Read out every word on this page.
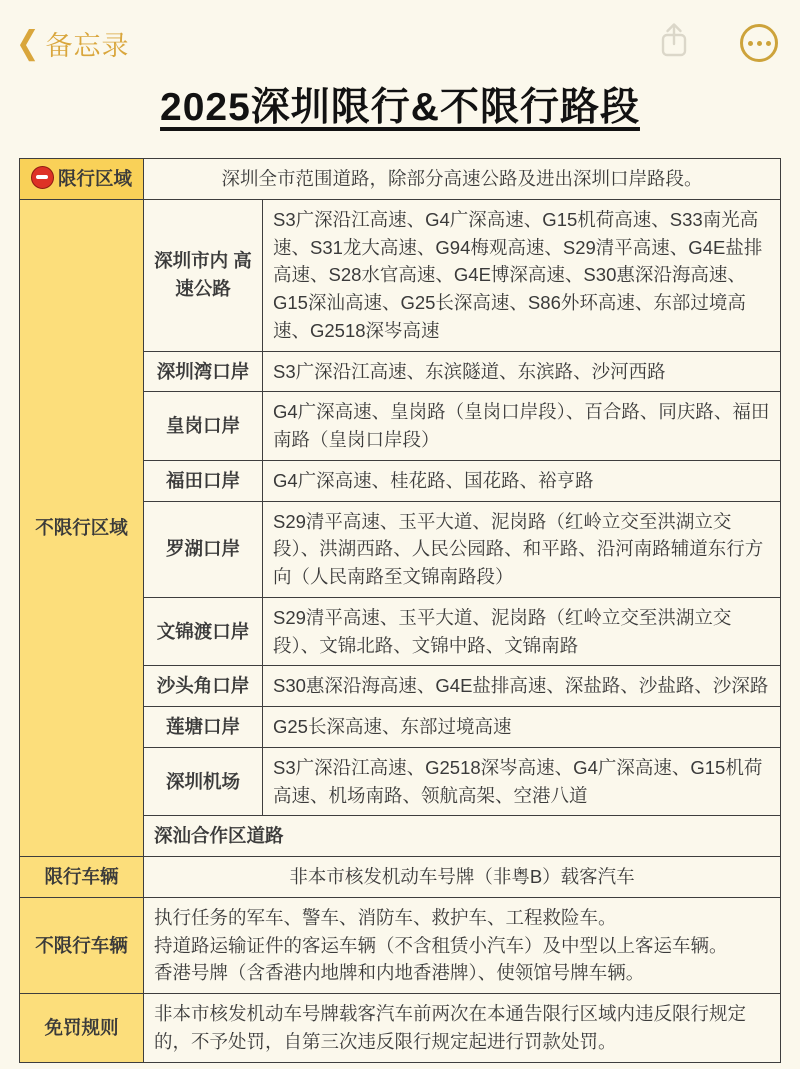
❮ 备忘录
2025深圳限行&不限行路段
限行区域	深圳全市范围道路，除部分高速公路及进出深圳口岸路段。	
不限行区域	深圳市内 高速公路	S3广深沿江高速、G4广深高速、G15机荷高速、S33南光高速、S31龙大高速、G94梅观高速、S29清平高速、G4E盐排高速、S28水官高速、G4E博深高速、S30惠深沿海高速、G15深汕高速、G25长深高速、S86外环高速、东部过境高速、G2518深岑高速
	深圳湾口岸	S3广深沿江高速、东滨隧道、东滨路、沙河西路
	皇岗口岸	G4广深高速、皇岗路（皇岗口岸段）、百合路、同庆路、福田南路（皇岗口岸段）
	福田口岸	G4广深高速、桂花路、国花路、裕亨路
	罗湖口岸	S29清平高速、玉平大道、泥岗路（红岭立交至洪湖立交段）、洪湖西路、人民公园路、和平路、沿河南路辅道东行方向（人民南路至文锦南路段）
	文锦渡口岸	S29清平高速、玉平大道、泥岗路（红岭立交至洪湖立交段）、文锦北路、文锦中路、文锦南路
	沙头角口岸	S30惠深沿海高速、G4E盐排高速、深盐路、沙盐路、沙深路
	莲塘口岸	G25长深高速、东部过境高速
	深圳机场	S3广深沿江高速、G2518深岑高速、G4广深高速、G15机荷高速、机场南路、领航高架、空港八道
	深汕合作区道路	
限行车辆	非本市核发机动车号牌（非粤B）载客汽车	
不限行车辆	执行任务的军车、警车、消防车、救护车、工程救险车。
持道路运输证件的客运车辆（不含租赁小汽车）及中型以上客运车辆。
香港号牌（含香港内地牌和内地香港牌）、使领馆号牌车辆。	

免罚规则	非本市核发机动车号牌载客汽车前两次在本通告限行区域内违反限行规定的，不予处罚，自第三次违反限行规定起进行罚款处罚。	
